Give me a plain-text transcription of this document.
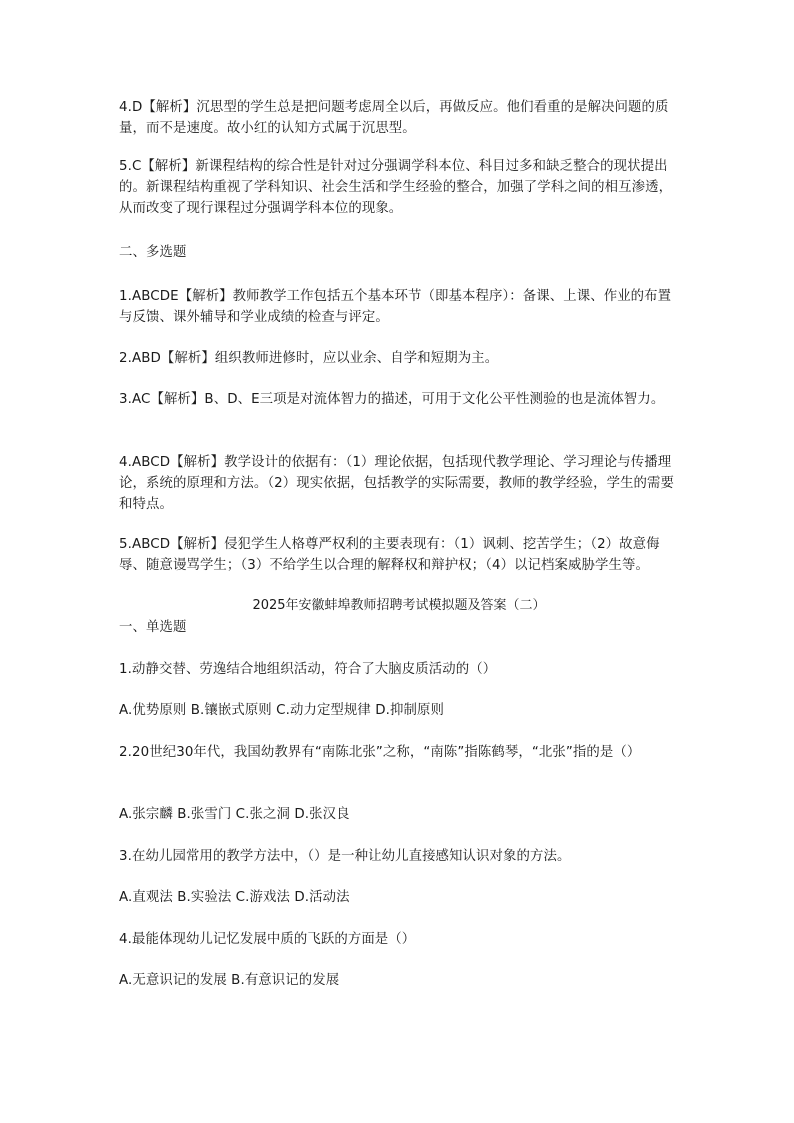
4.D【解析】沉思型的学生总是把问题考虑周全以后，再做反应。他们看重的是解决问题的质量，而不是速度。故小红的认知方式属于沉思型。

5.C【解析】新课程结构的综合性是针对过分强调学科本位、科目过多和缺乏整合的现状提出的。新课程结构重视了学科知识、社会生活和学生经验的整合，加强了学科之间的相互渗透，从而改变了现行课程过分强调学科本位的现象。

二、多选题

1.ABCDE【解析】教师教学工作包括五个基本环节（即基本程序）：备课、上课、作业的布置与反馈、课外辅导和学业成绩的检查与评定。

2.ABD【解析】组织教师进修时，应以业余、自学和短期为主。

3.AC【解析】B、D、E三项是对流体智力的描述，可用于文化公平性测验的也是流体智力。

4.ABCD【解析】教学设计的依据有：（1）理论依据，包括现代教学理论、学习理论与传播理论，系统的原理和方法。（2）现实依据，包括教学的实际需要，教师的教学经验，学生的需要和特点。

5.ABCD【解析】侵犯学生人格尊严权利的主要表现有：（1）讽刺、挖苦学生；（2）故意侮辱、随意谩骂学生；（3）不给学生以合理的解释权和辩护权；（4）以记档案威胁学生等。

2025年安徽蚌埠教师招聘考试模拟题及答案（二）

一、单选题

1.动静交替、劳逸结合地组织活动，符合了大脑皮质活动的（）

A.优势原则 B.镶嵌式原则 C.动力定型规律 D.抑制原则

2.20世纪30年代，我国幼教界有“南陈北张”之称，“南陈”指陈鹤琴，“北张”指的是（）

A.张宗麟 B.张雪门 C.张之洞 D.张汉良

3.在幼儿园常用的教学方法中，（）是一种让幼儿直接感知认识对象的方法。

A.直观法 B.实验法 C.游戏法 D.活动法

4.最能体现幼儿记忆发展中质的飞跃的方面是（）

A.无意识记的发展 B.有意识记的发展
